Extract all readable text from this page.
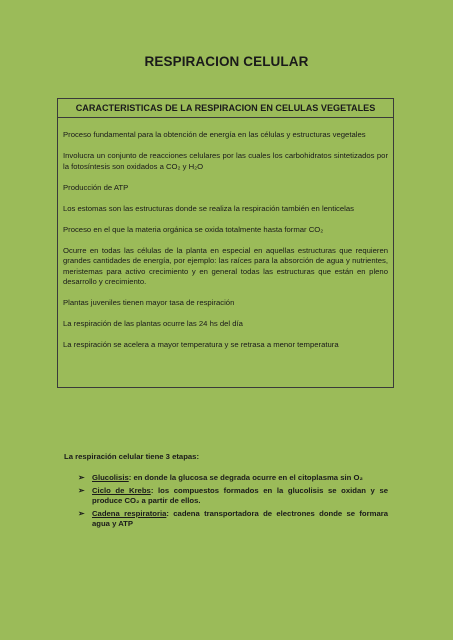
RESPIRACION CELULAR
CARACTERISTICAS DE LA RESPIRACION EN CELULAS VEGETALES

Proceso fundamental para la obtención de energía en las células y estructuras vegetales

Involucra un conjunto de reacciones celulares por las cuales los carbohidratos sintetizados por la fotosíntesis son oxidados a CO₂ y H₂O

Producción de ATP

Los estomas son las estructuras donde se realiza la respiración también en lenticelas

Proceso en el que la materia orgánica se oxida totalmente hasta formar CO₂

Ocurre en todas las células de la planta en especial en aquellas estructuras que requieren grandes cantidades de energía, por ejemplo: las raíces para la absorción de agua y nutrientes, meristemas para activo crecimiento y en general todas las estructuras que están en pleno desarrollo y crecimiento.

Plantas juveniles tienen mayor tasa de respiración

La respiración de las plantas ocurre las 24 hs del día

La respiración se acelera a mayor temperatura y se retrasa a menor temperatura

La respiración celular tiene 3 etapas:
➢ Glucolisis: en donde la glucosa se degrada ocurre en el citoplasma sin O₂
➢ Ciclo de Krebs: los compuestos formados en la glucolisis se oxidan y se produce CO₂ a partir de ellos.
➢ Cadena respiratoria: cadena transportadora de electrones donde se formara agua y ATP
